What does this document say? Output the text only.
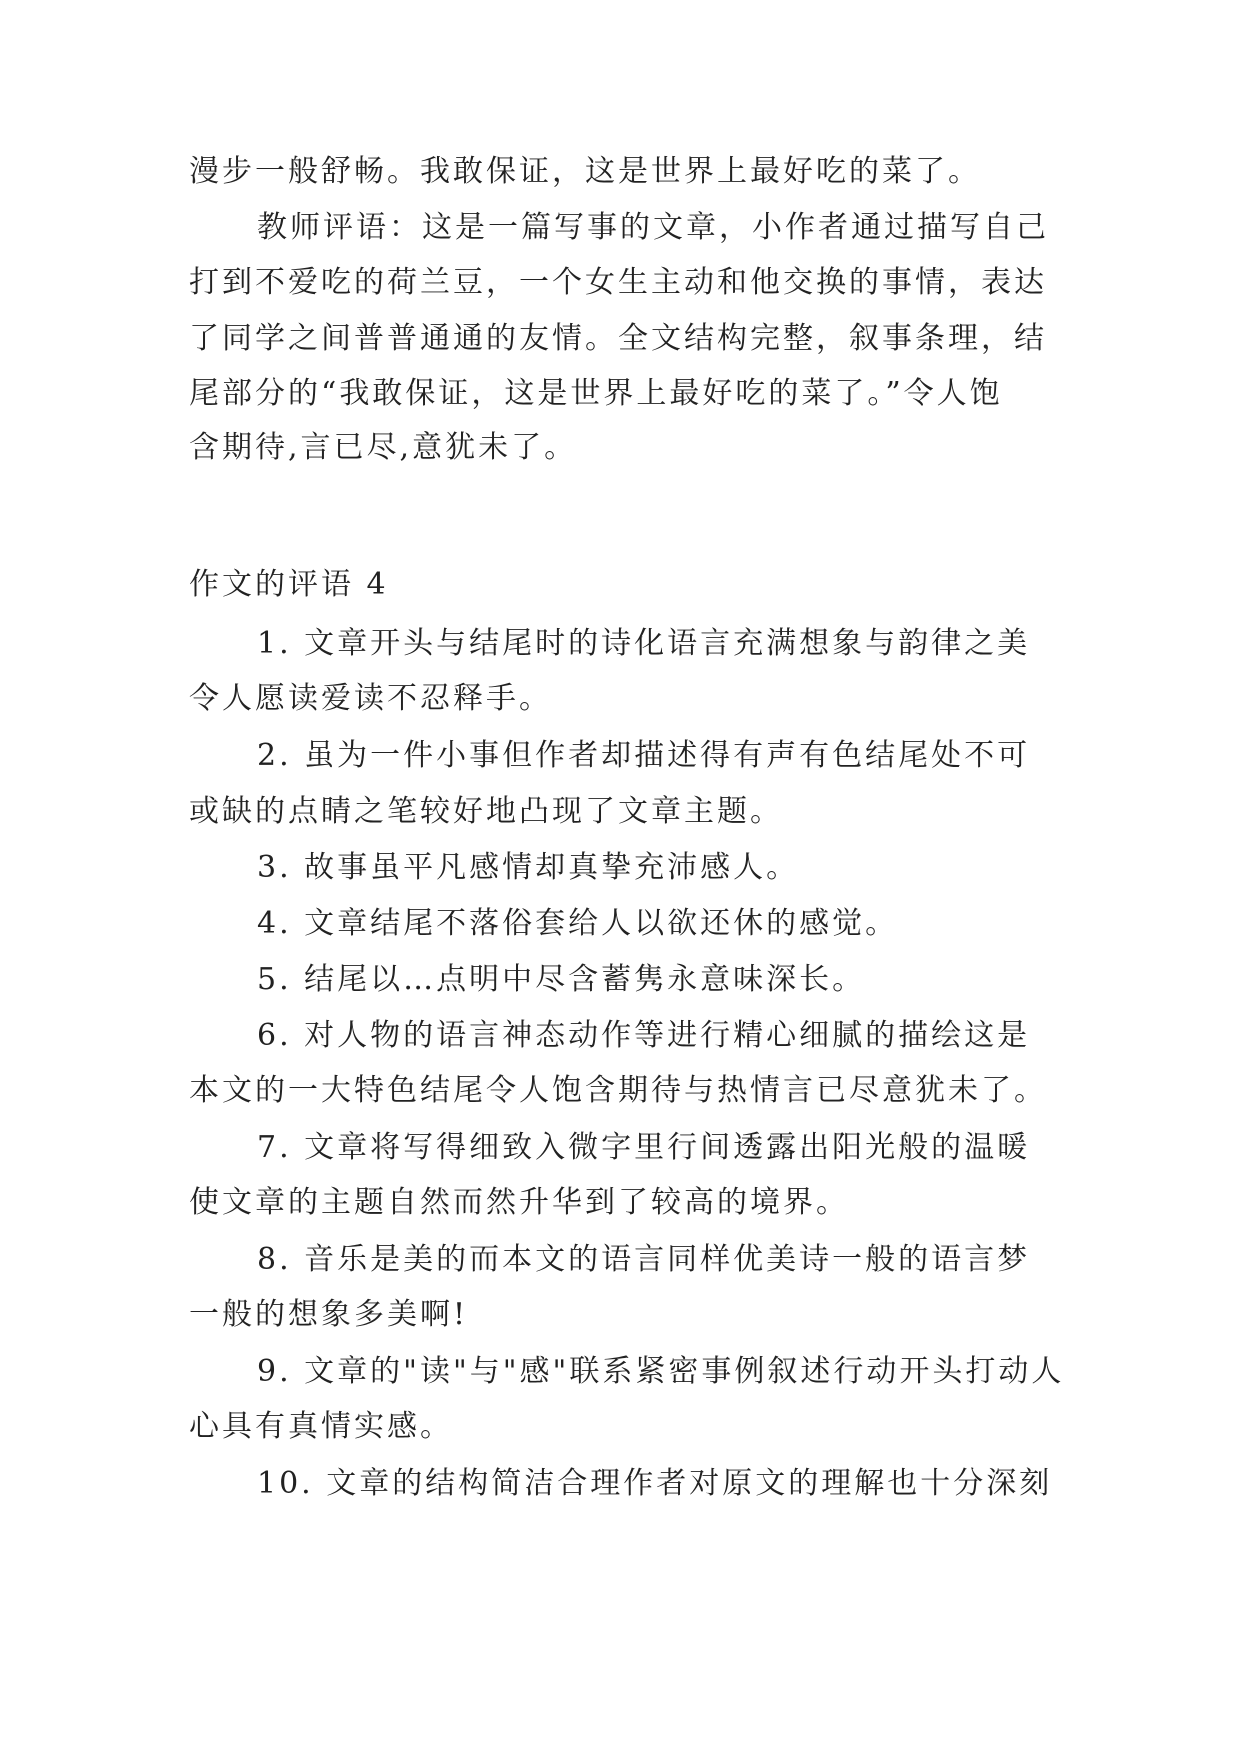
漫步一般舒畅。我敢保证，这是世界上最好吃的菜了。
教师评语：这是一篇写事的文章，小作者通过描写自己
打到不爱吃的荷兰豆，一个女生主动和他交换的事情，表达
了同学之间普普通通的友情。全文结构完整，叙事条理，结
尾部分的“我敢保证，这是世界上最好吃的菜了。”令人饱
含期待,言已尽,意犹未了。
作文的评语 4
1. 文章开头与结尾时的诗化语言充满想象与韵律之美
令人愿读爱读不忍释手。
2. 虽为一件小事但作者却描述得有声有色结尾处不可
或缺的点睛之笔较好地凸现了文章主题。
3. 故事虽平凡感情却真挚充沛感人。
4. 文章结尾不落俗套给人以欲还休的感觉。
5. 结尾以…点明中尽含蓄隽永意味深长。
6. 对人物的语言神态动作等进行精心细腻的描绘这是
本文的一大特色结尾令人饱含期待与热情言已尽意犹未了。
7. 文章将写得细致入微字里行间透露出阳光般的温暖
使文章的主题自然而然升华到了较高的境界。
8. 音乐是美的而本文的语言同样优美诗一般的语言梦
一般的想象多美啊!
9. 文章的"读"与"感"联系紧密事例叙述行动开头打动人
心具有真情实感。
10. 文章的结构简洁合理作者对原文的理解也十分深刻
